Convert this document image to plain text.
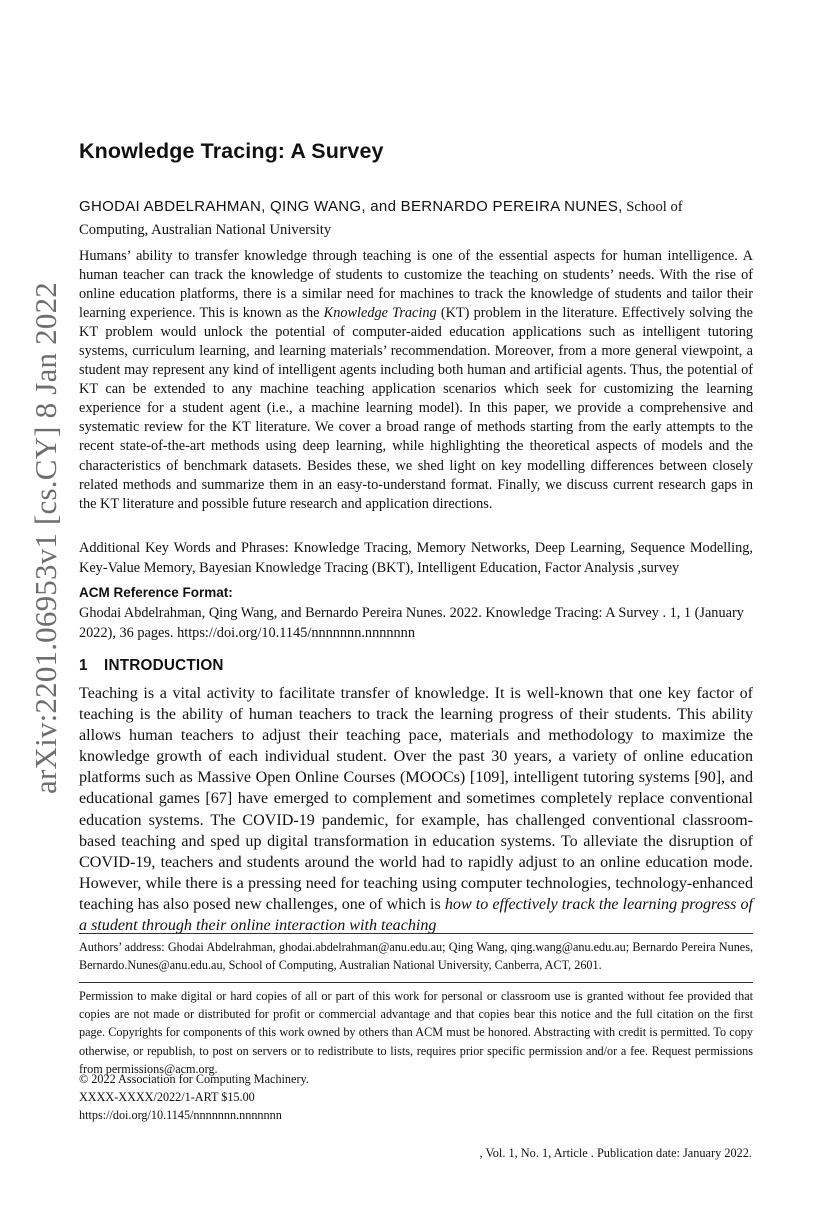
arXiv:2201.06953v1 [cs.CY] 8 Jan 2022
Knowledge Tracing: A Survey

GHODAI ABDELRAHMAN, QING WANG, and BERNARDO PEREIRA NUNES, School of Computing, Australian National University

Humans’ ability to transfer knowledge through teaching is one of the essential aspects for human intelligence. A human teacher can track the knowledge of students to customize the teaching on students’ needs. With the rise of online education platforms, there is a similar need for machines to track the knowledge of students and tailor their learning experience. This is known as the Knowledge Tracing (KT) problem in the literature. Effectively solving the KT problem would unlock the potential of computer-aided education applications such as intelligent tutoring systems, curriculum learning, and learning materials’ recommendation. Moreover, from a more general viewpoint, a student may represent any kind of intelligent agents including both human and artificial agents. Thus, the potential of KT can be extended to any machine teaching application scenarios which seek for customizing the learning experience for a student agent (i.e., a machine learning model). In this paper, we provide a comprehensive and systematic review for the KT literature. We cover a broad range of methods starting from the early attempts to the recent state-of-the-art methods using deep learning, while highlighting the theoretical aspects of models and the characteristics of benchmark datasets. Besides these, we shed light on key modelling differences between closely related methods and summarize them in an easy-to-understand format. Finally, we discuss current research gaps in the KT literature and possible future research and application directions.

Additional Key Words and Phrases: Knowledge Tracing, Memory Networks, Deep Learning, Sequence Modelling, Key-Value Memory, Bayesian Knowledge Tracing (BKT), Intelligent Education, Factor Analysis ,survey

ACM Reference Format:

Ghodai Abdelrahman, Qing Wang, and Bernardo Pereira Nunes. 2022. Knowledge Tracing: A Survey . 1, 1 (January 2022), 36 pages. https://doi.org/10.1145/nnnnnnn.nnnnnnn

1 INTRODUCTION

Teaching is a vital activity to facilitate transfer of knowledge. It is well-known that one key factor of teaching is the ability of human teachers to track the learning progress of their students. This ability allows human teachers to adjust their teaching pace, materials and methodology to maximize the knowledge growth of each individual student. Over the past 30 years, a variety of online education platforms such as Massive Open Online Courses (MOOCs) [109], intelligent tutoring systems [90], and educational games [67] have emerged to complement and sometimes completely replace conventional education systems. The COVID-19 pandemic, for example, has challenged conventional classroom-based teaching and sped up digital transformation in education systems. To alleviate the disruption of COVID-19, teachers and students around the world had to rapidly adjust to an online education mode. However, while there is a pressing need for teaching using computer technologies, technology-enhanced teaching has also posed new challenges, one of which is how to effectively track the learning progress of a student through their online interaction with teaching

Authors’ address: Ghodai Abdelrahman, ghodai.abdelrahman@anu.edu.au; Qing Wang, qing.wang@anu.edu.au; Bernardo Pereira Nunes, Bernardo.Nunes@anu.edu.au, School of Computing, Australian National University, Canberra, ACT, 2601.

Permission to make digital or hard copies of all or part of this work for personal or classroom use is granted without fee provided that copies are not made or distributed for profit or commercial advantage and that copies bear this notice and the full citation on the first page. Copyrights for components of this work owned by others than ACM must be honored. Abstracting with credit is permitted. To copy otherwise, or republish, to post on servers or to redistribute to lists, requires prior specific permission and/or a fee. Request permissions from permissions@acm.org.

© 2022 Association for Computing Machinery.
XXXX-XXXX/2022/1-ART $15.00
https://doi.org/10.1145/nnnnnnn.nnnnnnn

, Vol. 1, No. 1, Article . Publication date: January 2022.
